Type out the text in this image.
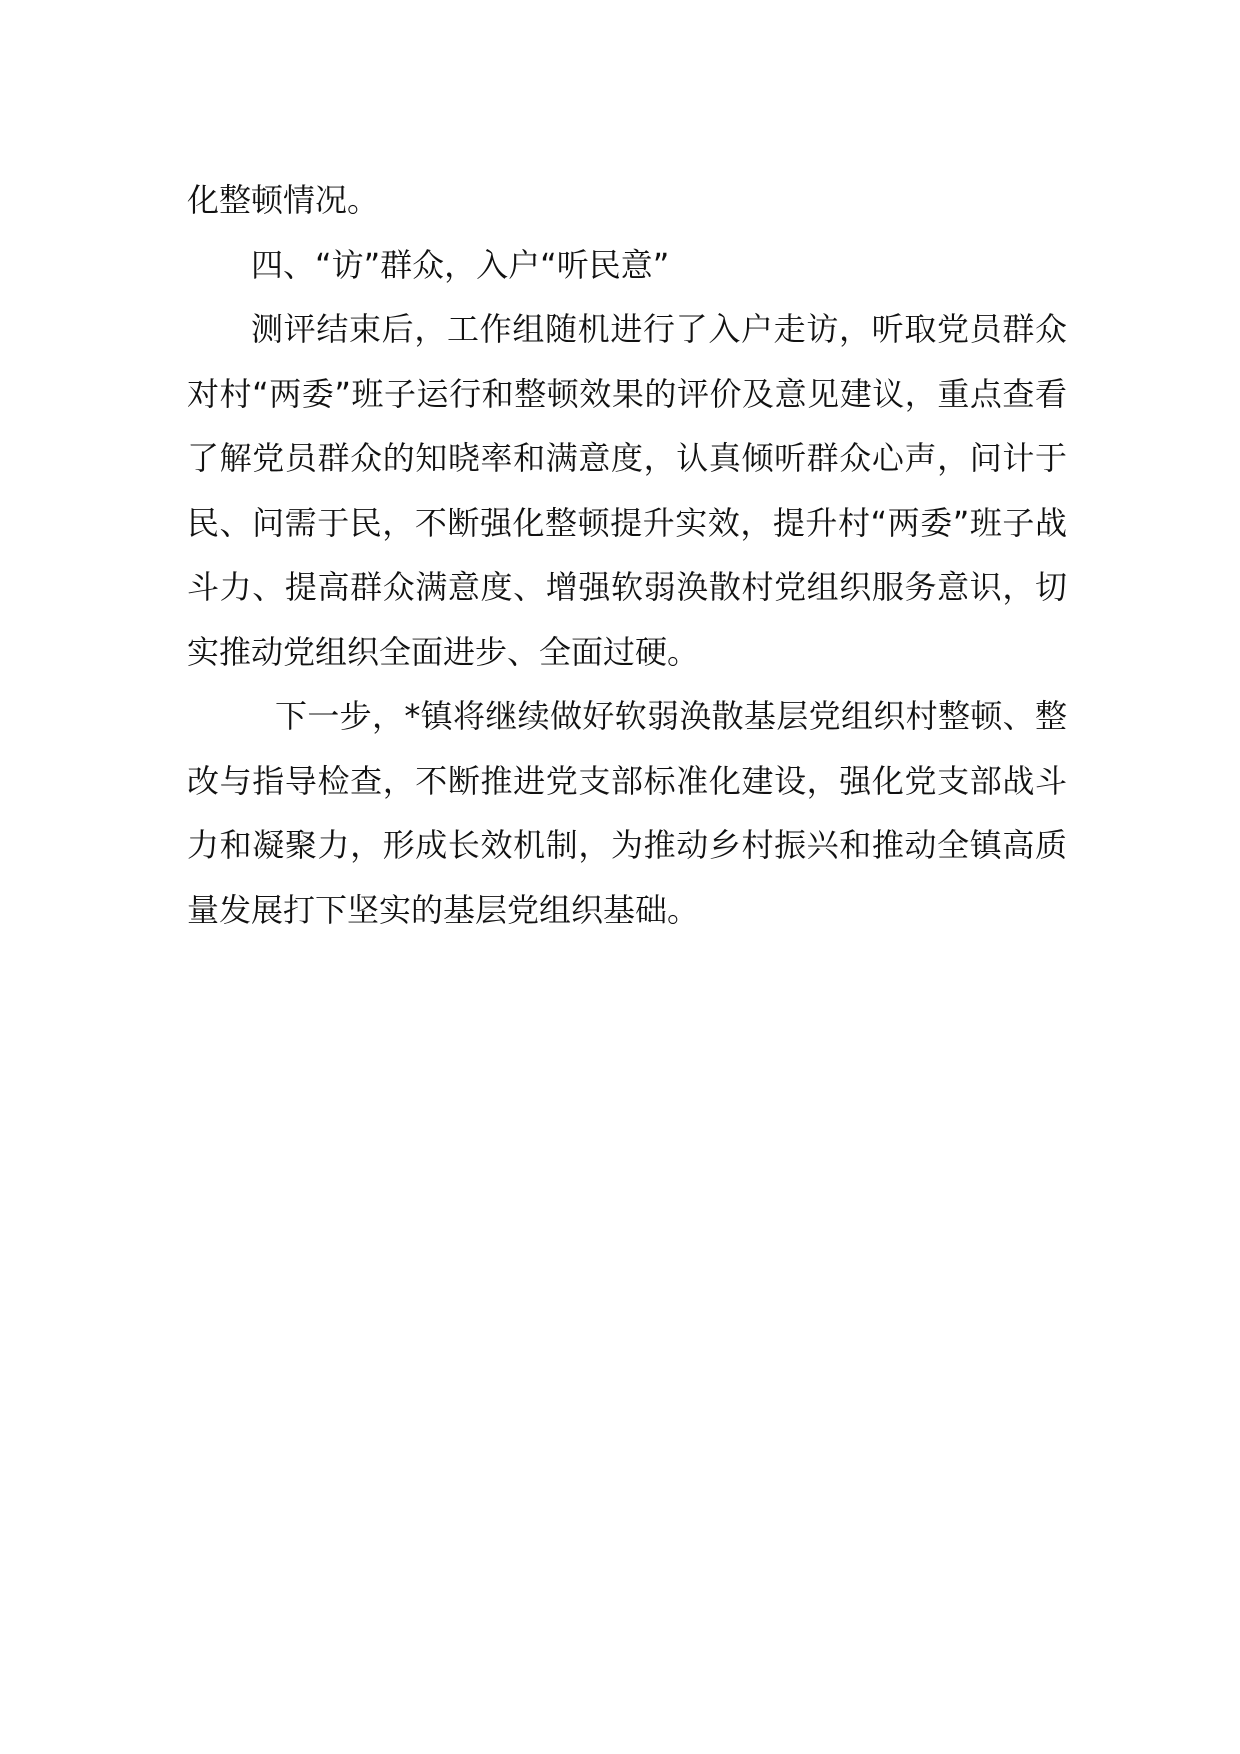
化整顿情况。

四、“访”群众，入户“听民意”

测评结束后，工作组随机进行了入户走访，听取党员群众对村“两委”班子运行和整顿效果的评价及意见建议，重点查看了解党员群众的知晓率和满意度，认真倾听群众心声，问计于民、问需于民，不断强化整顿提升实效，提升村“两委”班子战斗力、提高群众满意度、增强软弱涣散村党组织服务意识，切实推动党组织全面进步、全面过硬。

下一步，*镇将继续做好软弱涣散基层党组织村整顿、整改与指导检查，不断推进党支部标准化建设，强化党支部战斗力和凝聚力，形成长效机制，为推动乡村振兴和推动全镇高质量发展打下坚实的基层党组织基础。
